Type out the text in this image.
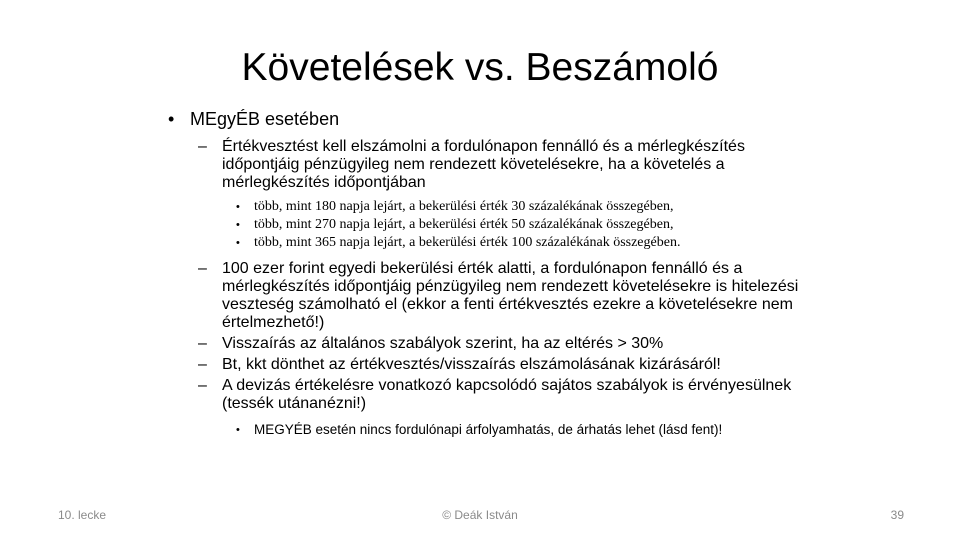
Követelések vs. Beszámoló
• MEgyÉB esetében
– Értékvesztést kell elszámolni a fordulónapon fennálló és a mérlegkészítés időpontjáig pénzügyileg nem rendezett követelésekre, ha a követelés a mérlegkészítés időpontjában
• több, mint 180 napja lejárt, a bekerülési érték 30 százalékának összegében,
• több, mint 270 napja lejárt, a bekerülési érték 50 százalékának összegében,
• több, mint 365 napja lejárt, a bekerülési érték 100 százalékának összegében.
– 100 ezer forint egyedi bekerülési érték alatti, a fordulónapon fennálló és a mérlegkészítés időpontjáig pénzügyileg nem rendezett követelésekre is hitelezési veszteség számolható el (ekkor a fenti értékvesztés ezekre a követelésekre nem értelmezhető!)
– Visszaírás az általános szabályok szerint, ha az eltérés > 30%
– Bt, kkt dönthet az értékvesztés/visszaírás elszámolásának kizárásáról!
– A devizás értékelésre vonatkozó kapcsolódó sajátos szabályok is érvényesülnek (tessék utánanézni!)
• MEGYÉB esetén nincs fordulónapi árfolyamhatás, de árhatás lehet (lásd fent)!
10. lecke	© Deák István	39
